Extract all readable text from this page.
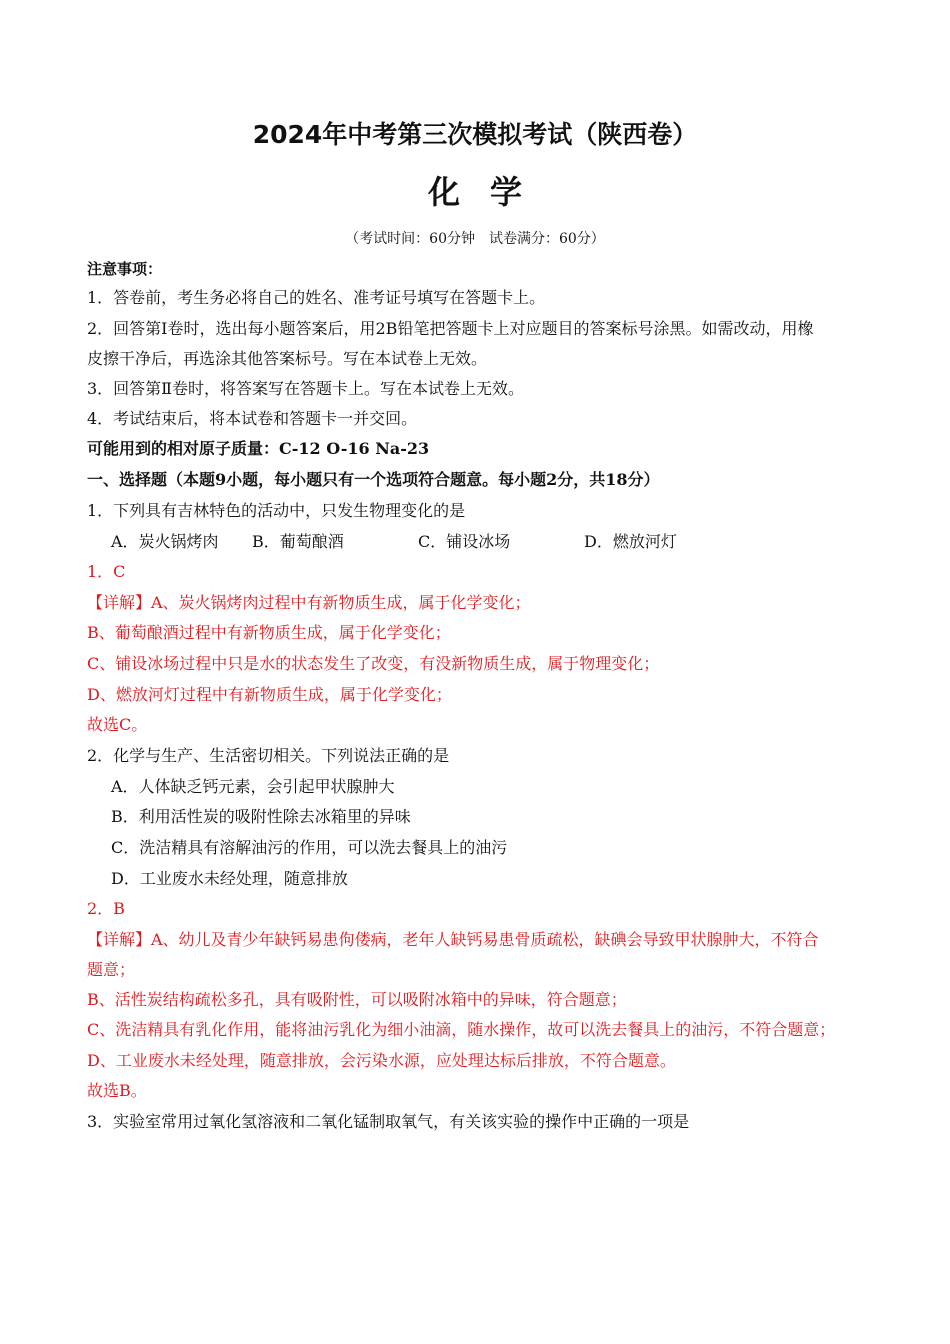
2024年中考第三次模拟考试（陕西卷）
化学
（考试时间：60分钟　试卷满分：60分）
注意事项：
1．答卷前，考生务必将自己的姓名、准考证号填写在答题卡上。
2．回答第Ⅰ卷时，选出每小题答案后，用2B铅笔把答题卡上对应题目的答案标号涂黑。如需改动，用橡
皮擦干净后，再选涂其他答案标号。写在本试卷上无效。
3．回答第Ⅱ卷时，将答案写在答题卡上。写在本试卷上无效。
4．考试结束后，将本试卷和答题卡一并交回。
可能用到的相对原子质量：C-12 O-16 Na-23
一、选择题（本题9小题，每小题只有一个选项符合题意。每小题2分，共18分）
1．下列具有吉林特色的活动中，只发生物理变化的是
A．炭火锅烤肉 B．葡萄酿酒	C．铺设冰场	D．燃放河灯
1．C
【详解】A、炭火锅烤肉过程中有新物质生成，属于化学变化；
B、葡萄酿酒过程中有新物质生成，属于化学变化；
C、铺设冰场过程中只是水的状态发生了改变，有没新物质生成，属于物理变化；
D、燃放河灯过程中有新物质生成，属于化学变化；
故选C。
2．化学与生产、生活密切相关。下列说法正确的是
A．人体缺乏钙元素，会引起甲状腺肿大
B．利用活性炭的吸附性除去冰箱里的异味
C．洗洁精具有溶解油污的作用，可以洗去餐具上的油污
D．工业废水未经处理，随意排放
2．B
【详解】A、幼儿及青少年缺钙易患佝偻病，老年人缺钙易患骨质疏松，缺碘会导致甲状腺肿大，不符合
题意；
B、活性炭结构疏松多孔，具有吸附性，可以吸附冰箱中的异味，符合题意；
C、洗洁精具有乳化作用，能将油污乳化为细小油滴，随水操作，故可以洗去餐具上的油污，不符合题意；
D、工业废水未经处理，随意排放，会污染水源，应处理达标后排放，不符合题意。
故选B。
3．实验室常用过氧化氢溶液和二氧化锰制取氧气，有关该实验的操作中正确的一项是
